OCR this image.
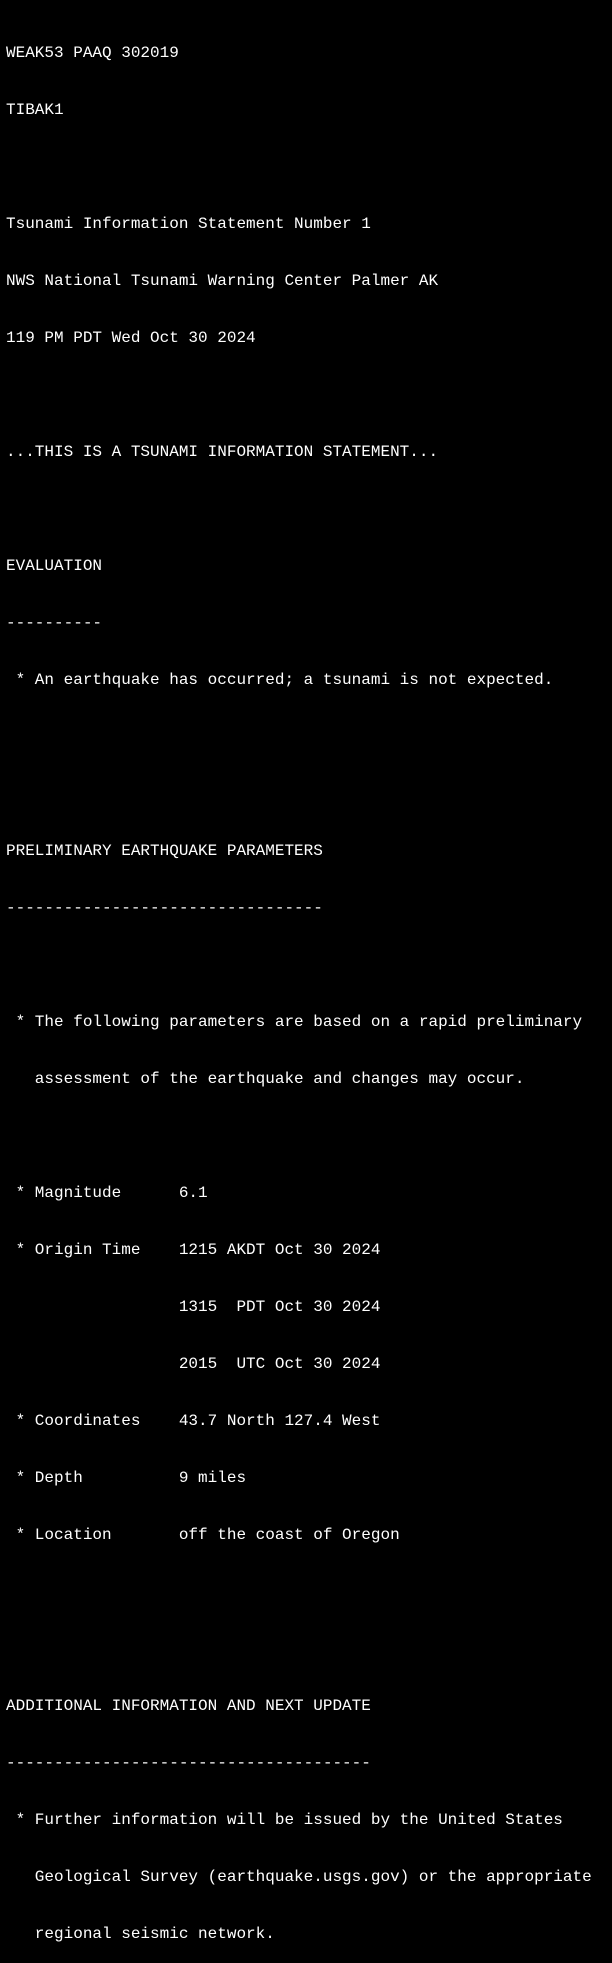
WEAK53 PAAQ 302019

TIBAK1

Tsunami Information Statement Number 1

NWS National Tsunami Warning Center Palmer AK

119 PM PDT Wed Oct 30 2024

...THIS IS A TSUNAMI INFORMATION STATEMENT...

EVALUATION

----------

* An earthquake has occurred; a tsunami is not expected.

PRELIMINARY EARTHQUAKE PARAMETERS

---------------------------------

* The following parameters are based on a rapid preliminary

assessment of the earthquake and changes may occur.

* Magnitude      6.1

* Origin Time    1215 AKDT Oct 30 2024

1315  PDT Oct 30 2024

2015  UTC Oct 30 2024

* Coordinates    43.7 North 127.4 West

* Depth          9 miles

* Location       off the coast of Oregon

ADDITIONAL INFORMATION AND NEXT UPDATE

--------------------------------------

* Further information will be issued by the United States

Geological Survey (earthquake.usgs.gov) or the appropriate

regional seismic network.
